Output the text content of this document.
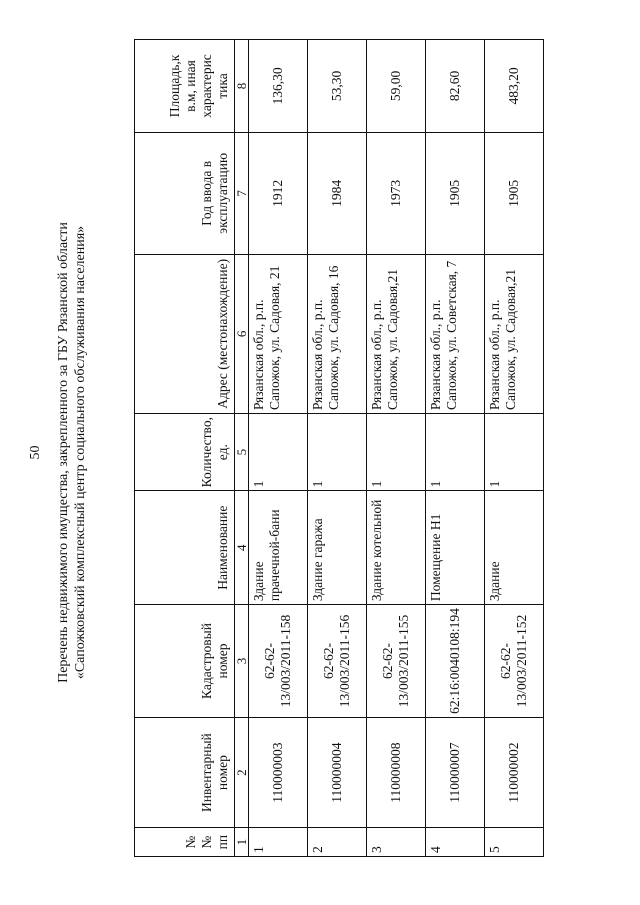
50 Перечень недвижимого имущества, закрепленного за ГБУ Рязанской области «Сапожковский комплексный центр социального обслуживания населения»
№ № пп	Инвентарный номер	Кадастровый номер	Наименование	Количество, ед.	Адрес (местонахождение)	Год ввода в эксплуатацию	Площадь,к в.м, иная характерис тика
1	2	3	4	5	6	7	8
1	110000003	62-62-13/003/2011-158	Здание прачечной-бани	1	Рязанская обл., р.п. Сапожок, ул. Садовая, 21	1912	136,30
2	110000004	62-62-13/003/2011-156	Здание гаража	1	Рязанская обл., р.п. Сапожок, ул. Садовая, 16	1984	53,30
3	110000008	62-62-13/003/2011-155	Здание котельной	1	Рязанская обл., р.п. Сапожок, ул. Садовая,21	1973	59,00
4	110000007	62:16:0040108:194	Помещение Н1	1	Рязанская обл., р.п. Сапожок, ул. Советская, 7	1905	82,60
5	110000002	62-62-13/003/2011-152	Здание	1	Рязанская обл., р.п. Сапожок, ул. Садовая,21	1905	483,20
